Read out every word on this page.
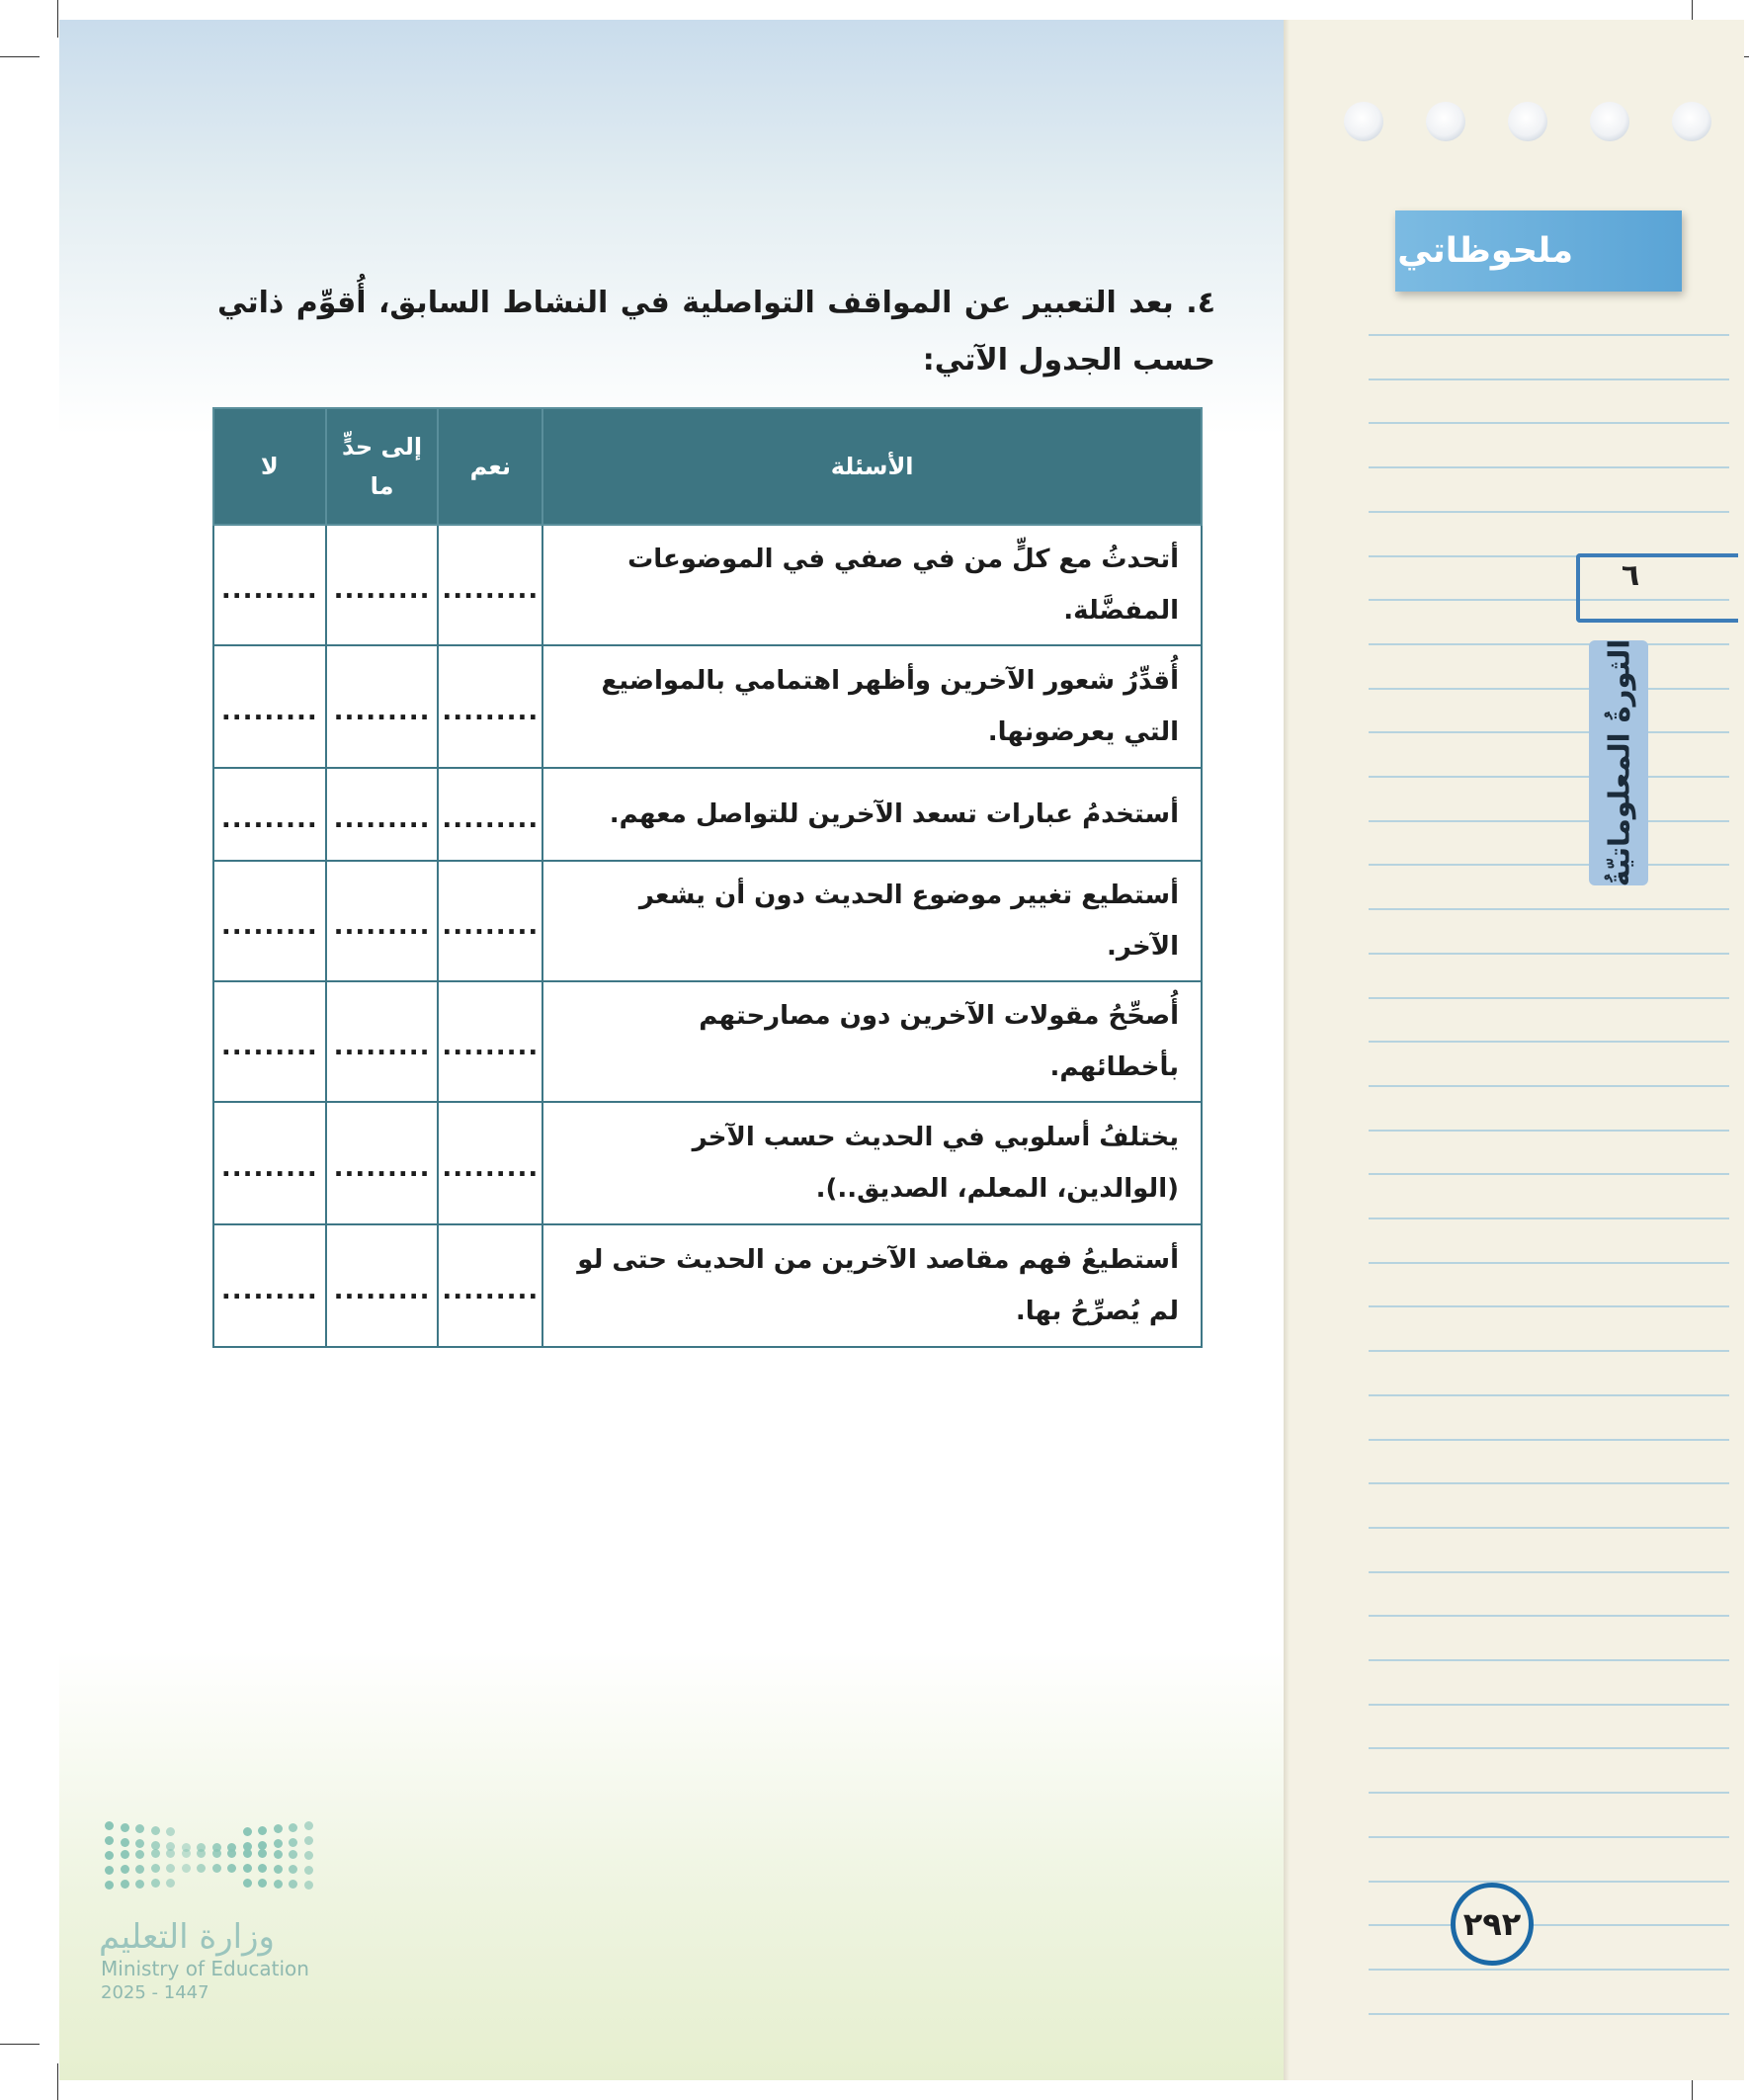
ملحوظاتي
٦
الثورةُ المعلوماتيّةُ
٤. بعد التعبير عن المواقف التواصلية في النشاط السابق، أُقوِّم ذاتي حسب الجدول الآتي:
الأسئلة	نعم	إلى حدٍّ ما	لا
أتحدثُ مع كلٍّ من في صفي في الموضوعات المفضَّلة.	.........	.........	.........
أُقدِّرُ شعور الآخرين وأظهر اهتمامي بالمواضيع التي يعرضونها.	.........	.........	.........
أستخدمُ عبارات تسعد الآخرين للتواصل معهم.	.........	.........	.........
أستطيع تغيير موضوع الحديث دون أن يشعر الآخر.	.........	.........	.........
أُصحِّحُ مقولات الآخرين دون مصارحتهم بأخطائهم.	.........	.........	.........
يختلفُ أسلوبي في الحديث حسب الآخر (الوالدين، المعلم، الصديق..).	.........	.........	.........
أستطيعُ فهم مقاصد الآخرين من الحديث حتى لو لم يُصرِّحُ بها.	.........	.........	.........
٢٩٢
وزارة التعليم
Ministry of Education
2025 - 1447
